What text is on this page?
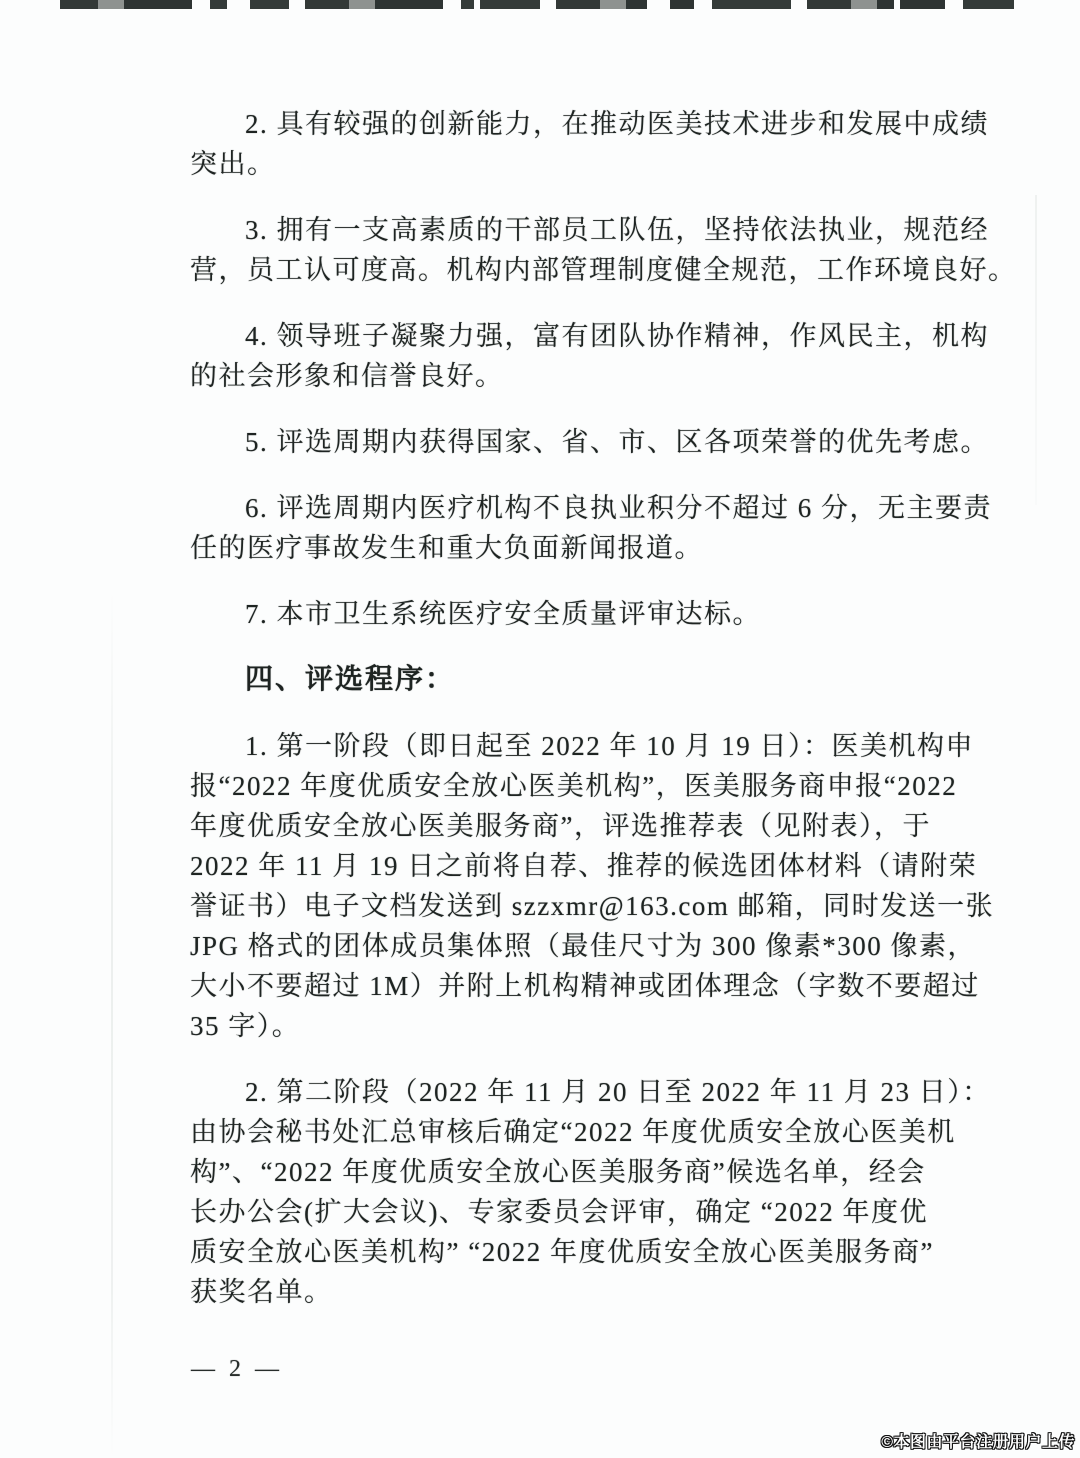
2. 具有较强的创新能力，在推动医美技术进步和发展中成绩
突出。
3. 拥有一支高素质的干部员工队伍，坚持依法执业，规范经
营，员工认可度高。机构内部管理制度健全规范，工作环境良好。
4. 领导班子凝聚力强，富有团队协作精神，作风民主，机构
的社会形象和信誉良好。
5. 评选周期内获得国家、省、市、区各项荣誉的优先考虑。
6. 评选周期内医疗机构不良执业积分不超过 6 分，无主要责
任的医疗事故发生和重大负面新闻报道。
7. 本市卫生系统医疗安全质量评审达标。
四、评选程序：
1. 第一阶段（即日起至 2022 年 10 月 19 日）：医美机构申
报“2022 年度优质安全放心医美机构”，医美服务商申报“2022
年度优质安全放心医美服务商”，评选推荐表（见附表），于
2022 年 11 月 19 日之前将自荐、推荐的候选团体材料（请附荣
誉证书）电子文档发送到 szzxmr@163.com 邮箱，同时发送一张
JPG 格式的团体成员集体照（最佳尺寸为 300 像素*300 像素，
大小不要超过 1M）并附上机构精神或团体理念（字数不要超过
35 字）。
2. 第二阶段（2022 年 11 月 20 日至 2022 年 11 月 23 日）：
由协会秘书处汇总审核后确定“2022 年度优质安全放心医美机
构”、“2022 年度优质安全放心医美服务商”候选名单，经会
长办公会(扩大会议)、专家委员会评审，确定 “2022 年度优
质安全放心医美机构” “2022 年度优质安全放心医美服务商”
获奖名单。
— 2 —
©本图由平台注册用户上传
